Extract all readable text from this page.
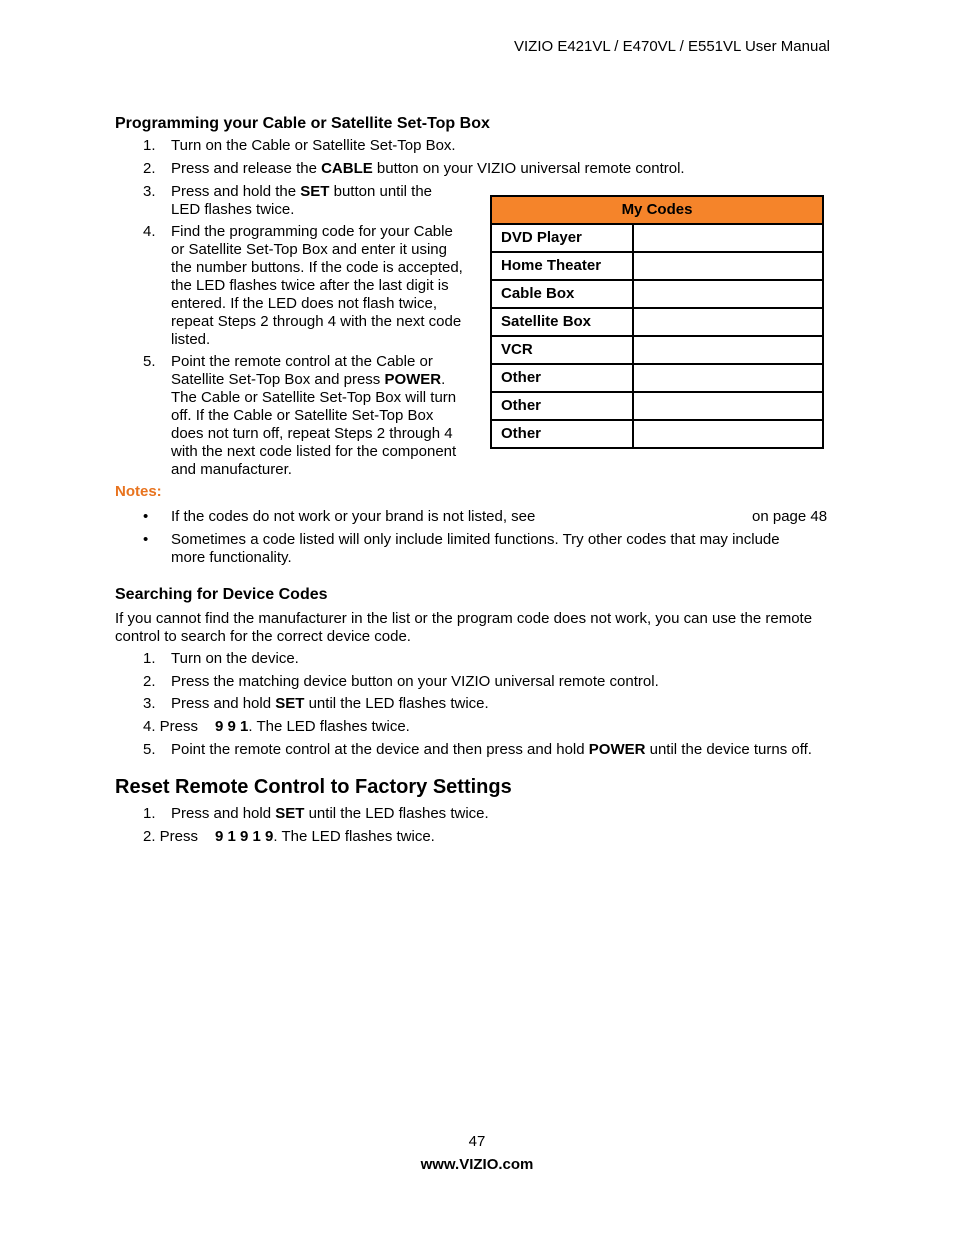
VIZIO E421VL / E470VL / E551VL User Manual
Programming your Cable or Satellite Set-Top Box
1. Turn on the Cable or Satellite Set-Top Box.
2. Press and release the CABLE button on your VIZIO universal remote control.
3. Press and hold the SET button until the
LED flashes twice.
4. Find the programming code for your Cable
or Satellite Set-Top Box and enter it using
the number buttons. If the code is accepted,
the LED flashes twice after the last digit is
entered. If the LED does not flash twice,
repeat Steps 2 through 4 with the next code
listed.
5. Point the remote control at the Cable or
Satellite Set-Top Box and press POWER.
The Cable or Satellite Set-Top Box will turn
off. If the Cable or Satellite Set-Top Box
does not turn off, repeat Steps 2 through 4
with the next code listed for the component
and manufacturer.
My Codes	
DVD Player	
Home Theater	
Cable Box	
Satellite Box	
VCR	
Other	
Other	
Other	
Notes:
• If the codes do not work or your brand is not listed, see	on page 48
• Sometimes a code listed will only include limited functions. Try other codes that may include
more functionality.
Searching for Device Codes
If you cannot find the manufacturer in the list or the program code does not work, you can use the remote
control to search for the correct device code.
1. Turn on the device.
2. Press the matching device button on your VIZIO universal remote control.
3. Press and hold SET until the LED flashes twice.
4. Press 9 9 1. The LED flashes twice.
5. Point the remote control at the device and then press and hold POWER until the device turns off.
Reset Remote Control to Factory Settings
1. Press and hold SET until the LED flashes twice.
2. Press 9 1 9 1 9. The LED flashes twice.
47
www.VIZIO.com
